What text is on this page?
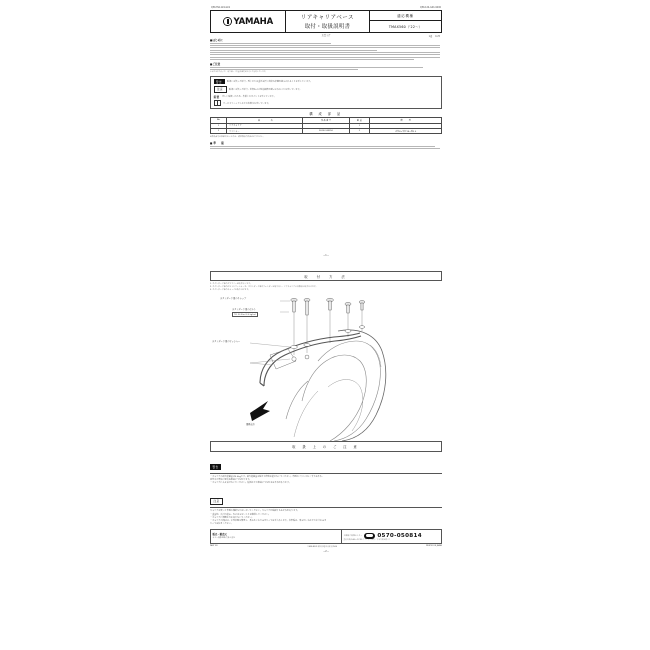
Q5K-YSK-124-G01	Q5K-124-G01-9200
YAMAHA	リアキャリアベース
取付・取扱説明書
適応機種
TMAX560（'22〜）
お買上げ	1部 　0.25
■はじめに
■ご注意
本書では次の表示で、取り扱い上の重要事項を区分して説明しています。
警告	取扱いを誤った場合、死亡または重傷を招く危険な状態が想定されることを示しています。
注意	取扱いを誤った場合、傷害および物的損害が想定されることを示しています。
重要 正しい取扱いのため、作業上のポイントを示しています。
サービスマニュアルなどの参照先を示しています。
構 成 部 品
No.	品　　　　　名	部 品 番 号	数 量	備　　　考
1	リアキャリア		1	
2	ワッシャー	90202-08250	2	内径8×外径18×厚2.0
※部品番号が記載のないものは、補修部品の設定がありません。
■ 準　　備
−1−
取　付　方　法
1. スタンダード車のグラブバーを取り外します。
2. スタンダード車のボルトとワッシャーで、スタンダード車のフェンダーを取り外し、リアキャリアに各部品に取り付けます。
3. スタンダード車のキャップを取り付けます。
スタンダード車のキャップ
スタンダード車のボルト
T.R. 30 N·m (3.0 kgf·m)
スタンダード車のワッシャー
車両前方
取 扱 上 の ご 注 意
警告
・キャリアの最大積載量は3.0kgです。最大積載量を超えて荷物を積まないでください。車両のバランスをくずすおそれ、
走行中の車体に思わぬ事故につながります。
・キャリアに人を乗せないでください。転倒などの事故につながるおそれがあります。
注意
キャリアを使って車両の傾斜などはしないでください。キャリアが破損するおそれがあります。
・重量物、長尺の積み、かさばらないことを確認してください。
・キャリアに無理な力を加えないでください。
・キャリアの清掃は、中性洗剤を使用し、柔らかい布でふきとってお手入れします。洗車後は、柔らかい布などで水分をふき
とってお拭きください。
販売・製造元
ヤマハ発動機販売株式会社
お客様ご相談センター	0570-050814
受付時間 9:00〜17:30（土・日・祝日、年末年始を除く）
PART NO.	〒438-8501 静岡県磐田市新貝2500	PRINTED IN JAPAN
−2−
